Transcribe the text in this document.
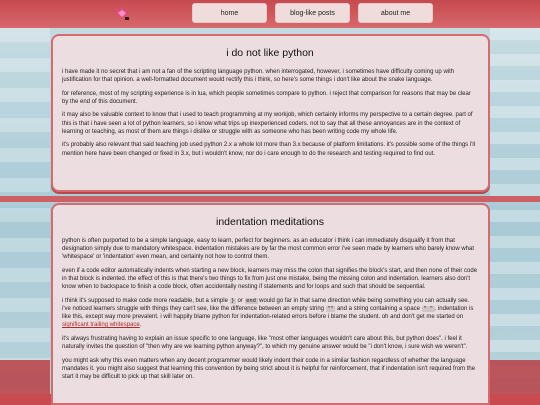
home	blog-like posts	about me
i do not like python

i have made it no secret that i am not a fan of the scripting language python. when interrogated, however, i sometimes have difficulty coming up with justification for that opinion. a well-formatted document would rectify this i think, so here's some things i don't like about the snake language.

for reference, most of my scripting experience is in lua, which people sometimes compare to python. i reject that comparison for reasons that may be clear by the end of this document.

it may also be valuable context to know that i used to teach programming at my workjob, which certainly informs my perspective to a certain degree. part of this is that i have seen a lot of python learners, so i know what trips up inexperienced coders. not to say that all these annoyances are in the context of learning or teaching, as most of them are things i dislike or struggle with as someone who has been writing code my whole life.

it's probably also relevant that said teaching job used python 2.x a whole lot more than 3.x because of platform limitations. it's possible some of the things i'll mention here have been changed or fixed in 3.x, but i wouldn't know, nor do i care enough to do the research and testing required to find out.

indentation meditations

python is often purported to be a simple language, easy to learn, perfect for beginners. as an educator i think i can immediately disqualify it from that designation simply due to mandatory whitespace. indentation mistakes are by far the most common error i've seen made by learners who barely know what 'whitespace' or 'indentation' even mean, and certainly not how to control them.

even if a code editor automatically indents when starting a new block, learners may miss the colon that signifies the block's start, and then none of their code in that block is indented. the effect of this is that there's two things to fix from just one mistake, being the missing colon and indentation. learners also don't know when to backspace to finish a code block, often accidentally nesting if statements and for loops and such that should be sequential.

i think it's supposed to make code more readable, but a simple } or end would go far in that same direction while being something you can actually see. i've noticed learners struggle with things they can't see, like the difference between an empty string "" and a string containing a space " " . indentation is like this, except way more prevalent. i will happily blame python for indentation-related errors before i blame the student. oh and don't get me started on significant trailing whitespace.

it's always frustrating having to explain an issue specific to one language, like "most other languages wouldn't care about this, but python does". i feel it naturally invites the question of "then why are we learning python anyway?", to which my genuine answer would be "i don't know, i sure wish we weren't".

you might ask why this even matters when any decent programmer would likely indent their code in a similar fashion regardless of whether the language mandates it. you might also suggest that learning this convention by being strict about it is helpful for reinforcement, that if indentation isn't required from the start it may be difficult to pick up that skill later on.
